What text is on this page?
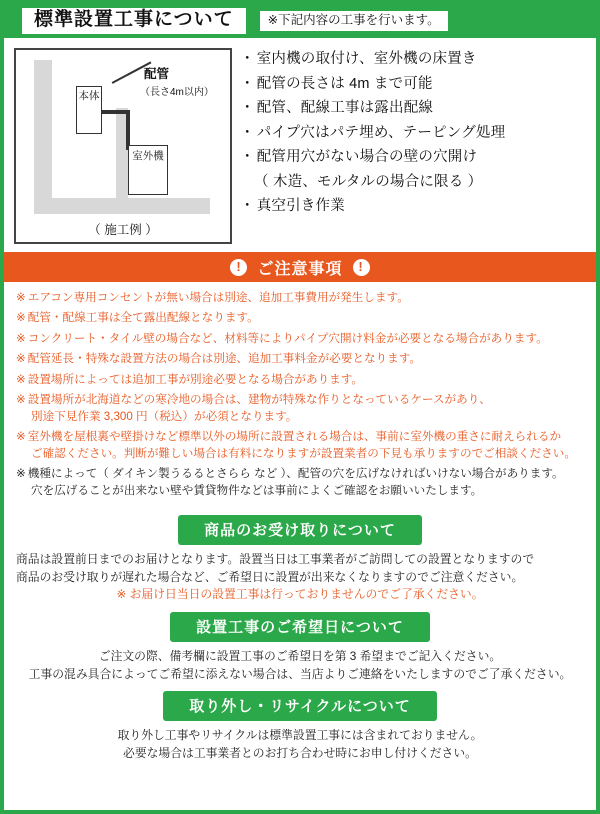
標準設置工事について	※下記内容の工事を行います。
本体
室外機
配管
（長さ4m以内）
（ 施工例 ）
・ 室内機の取付け、室外機の床置き
・ 配管の長さは 4m まで可能
・ 配管、配線工事は露出配線
・ パイプ穴はパテ埋め、テーピング処理
・ 配管用穴がない場合の壁の穴開け
（ 木造、モルタルの場合に限る ）
・ 真空引き作業
! ご注意事項	!
※ エアコン専用コンセントが無い場合は別途、追加工事費用が発生します。
※ 配管・配線工事は全て露出配線となります。
※ コンクリート・タイル壁の場合など、材料等によりパイプ穴開け料金が必要となる場合があります。
※ 配管延長・特殊な設置方法の場合は別途、追加工事料金が必要となります。
※ 設置場所によっては追加工事が別途必要となる場合があります。
※ 設置場所が北海道などの寒冷地の場合は、建物が特殊な作りとなっているケースがあり、
別途下見作業 3,300 円（税込）が必須となります。
※ 室外機を屋根裏や壁掛けなど標準以外の場所に設置される場合は、事前に室外機の重さに耐えられるか
ご確認ください。判断が難しい場合は有料になりますが設置業者の下見も承りますのでご相談ください。
※ 機種によって（ ダイキン製うるるとさらら など ）、配管の穴を広げなければいけない場合があります。
穴を広げることが出来ない壁や賃貸物件などは事前によくご確認をお願いいたします。
商品のお受け取りについて
商品は設置前日までのお届けとなります。設置当日は工事業者がご訪問しての設置となりますので
商品のお受け取りが遅れた場合など、ご希望日に設置が出来なくなりますのでご注意ください。
※ お届け日当日の設置工事は行っておりませんのでご了承ください。
設置工事のご希望日について
ご注文の際、備考欄に設置工事のご希望日を第 3 希望までご記入ください。
工事の混み具合によってご希望に添えない場合は、当店よりご連絡をいたしますのでご了承ください。
取り外し・リサイクルについて
取り外し工事やリサイクルは標準設置工事には含まれておりません。
必要な場合は工事業者とのお打ち合わせ時にお申し付けください。
